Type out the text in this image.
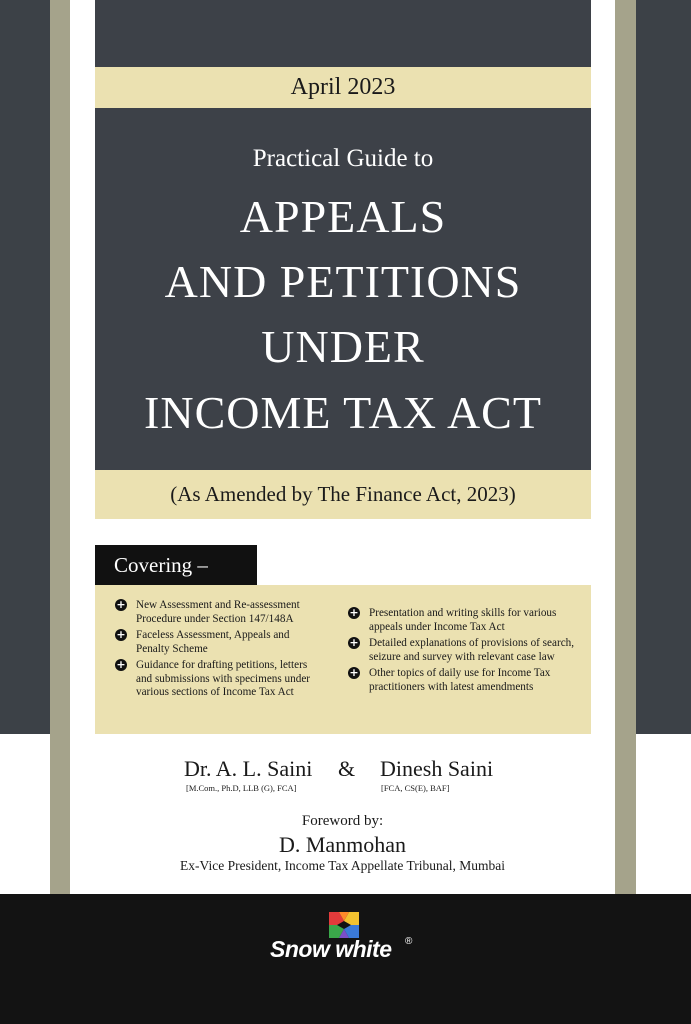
April 2023
Practical Guide to
APPEALS
AND PETITIONS
UNDER
INCOME TAX ACT
(As Amended by The Finance Act, 2023)
Covering –
+ New Assessment and Re-assessment Procedure under Section 147/148A
+ Faceless Assessment, Appeals and Penalty Scheme
+ Guidance for drafting petitions, letters and submissions with specimens under various sections of Income Tax Act
+ Presentation and writing skills for various appeals under Income Tax Act
+ Detailed explanations of provisions of search, seizure and survey with relevant case law
+ Other topics of daily use for Income Tax practitioners with latest amendments
Dr. A. L. Saini
[M.Com., Ph.D, LLB (G), FCA]
& Dinesh Saini
[FCA, CS(E), BAF]
Foreword by:
D. Manmohan
Ex-Vice President, Income Tax Appellate Tribunal, Mumbai
Snow white	®
